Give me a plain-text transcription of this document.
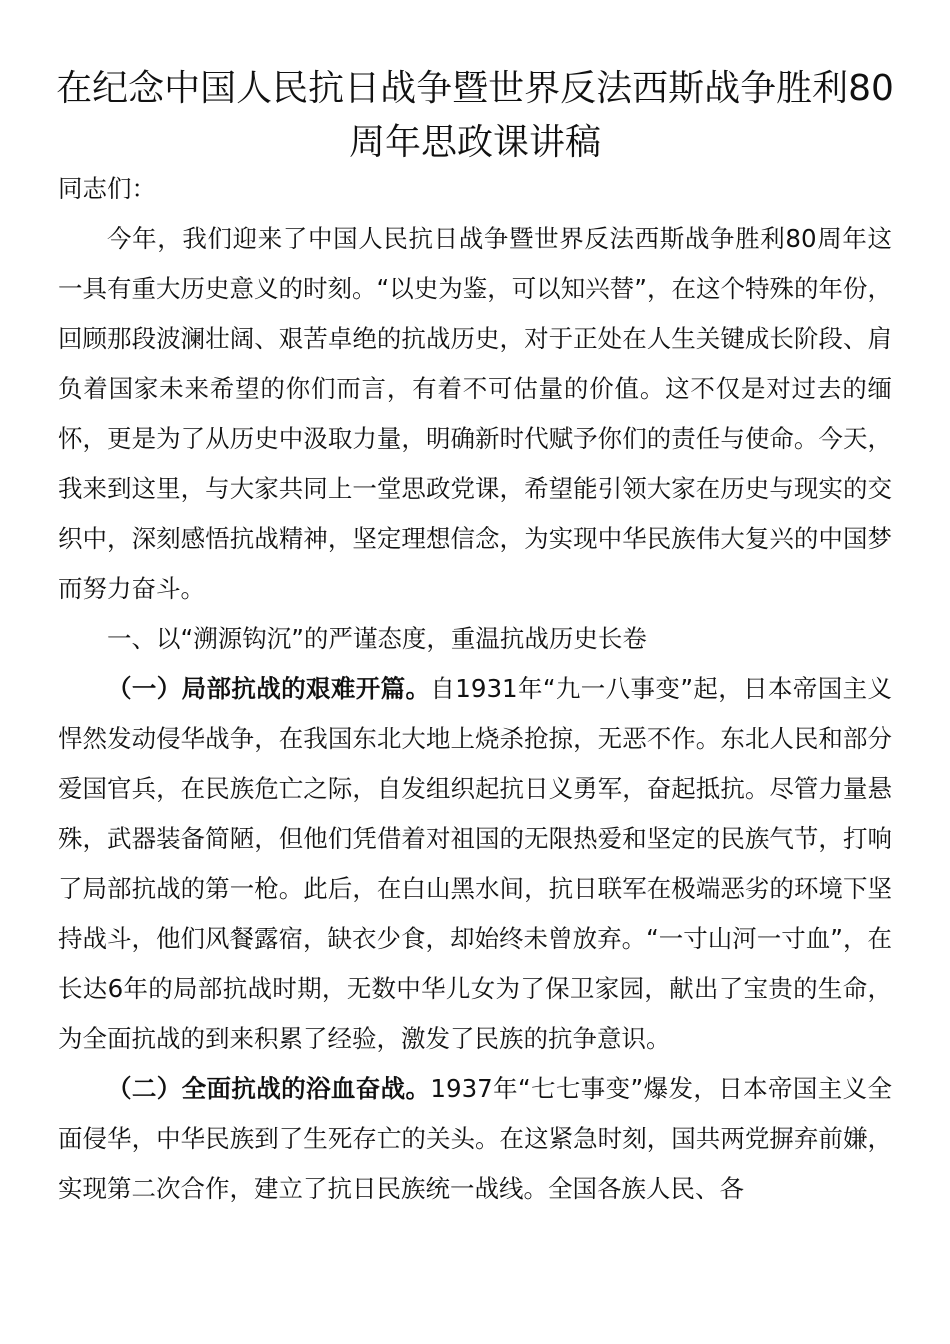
在纪念中国人民抗日战争暨世界反法西斯战争胜利80周年思政课讲稿

同志们：

今年，我们迎来了中国人民抗日战争暨世界反法西斯战争胜利80周年这一具有重大历史意义的时刻。“以史为鉴，可以知兴替”，在这个特殊的年份，回顾那段波澜壮阔、艰苦卓绝的抗战历史，对于正处在人生关键成长阶段、肩负着国家未来希望的你们而言，有着不可估量的价值。这不仅是对过去的缅怀，更是为了从历史中汲取力量，明确新时代赋予你们的责任与使命。今天，我来到这里，与大家共同上一堂思政党课，希望能引领大家在历史与现实的交织中，深刻感悟抗战精神，坚定理想信念，为实现中华民族伟大复兴的中国梦而努力奋斗。

一、以“溯源钩沉”的严谨态度，重温抗战历史长卷

（一）局部抗战的艰难开篇。自1931年“九一八事变”起，日本帝国主义悍然发动侵华战争，在我国东北大地上烧杀抢掠，无恶不作。东北人民和部分爱国官兵，在民族危亡之际，自发组织起抗日义勇军，奋起抵抗。尽管力量悬殊，武器装备简陋，但他们凭借着对祖国的无限热爱和坚定的民族气节，打响了局部抗战的第一枪。此后，在白山黑水间，抗日联军在极端恶劣的环境下坚持战斗，他们风餐露宿，缺衣少食，却始终未曾放弃。“一寸山河一寸血”，在长达6年的局部抗战时期，无数中华儿女为了保卫家园，献出了宝贵的生命，为全面抗战的到来积累了经验，激发了民族的抗争意识。

（二）全面抗战的浴血奋战。1937年“七七事变”爆发，日本帝国主义全面侵华，中华民族到了生死存亡的关头。在这紧急时刻，国共两党摒弃前嫌，实现第二次合作，建立了抗日民族统一战线。全国各族人民、各
